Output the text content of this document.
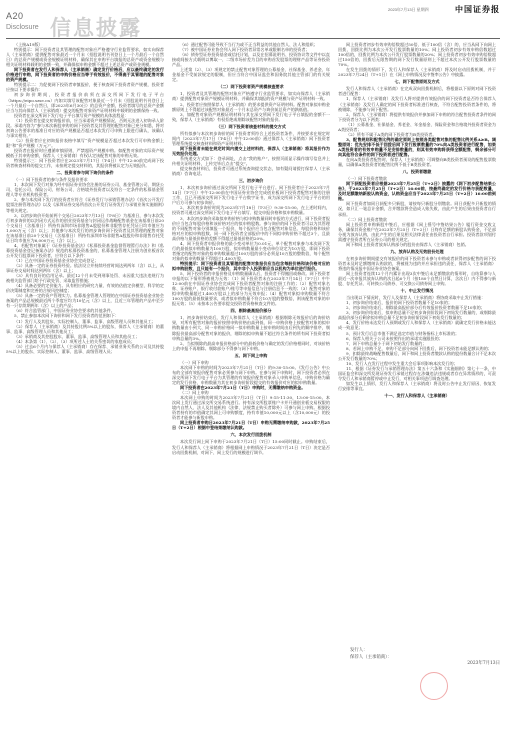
2023年7月13日 星期四	中国证券报
A20
Disclosure 信息披露

（上接A19版）

特别提示：网下投资者及其管理的配售对象应严格遵守行业监管要求，如实向保荐人（主承销商）提供配售对象最近一个月末（招股说明书刊登日上一个月最后一个自然日）的总资产规模或资金规模证明材料，确保其在申购平台填报的总资产或资金规模与相关证明材料载明的金额一致，并确保拟申购金额不超过上述总资产或资金规模。

网下投资者在发行人和保荐人（主承销商）确定发行价格后，应以最终确定的发行价格进行申购，网下投资者的申购价格应当等于有效报价，不得高于其管理的配售对象的资产规模。

特别提示二：为促使网下投资者审慎报价，便于核查网下投资者资产规模，投资者应按以下要求操作：

初步询价期间，投资者报价前须在深交所网下发行电子平台（https://eipo.szse.cn）内如实填写该配售对象最近一个月末（招股说明书刊登日上一个月最后一个自然日，即2023年6月30日）的总资产金额，投资者填写的总资产金额应当与其向保荐人（主承销商）提交的配售对象资产证明材料中载明的金额保持一致。

投资者在深交所网下发行电子平台填写资产规模的具体流程是：

（1）投资者在提交初询报价前，应当承诺资产规模情况，否则无法进入初询录入阶段。承诺内容为“参与本次新股申购的网下投资者及其管理的配售对象已充分知悉，将对初询公告要求的基准日对应的资产规模是否超过本次发行可申购上限进行确认，该确认与事实相符。”

（2）投资者应在初询报价表格中填写“资产规模是否超过本次发行可申购金额上限”和“资产规模（万元）”。

投资者在报价时应遵循审慎原则，严禁超资产规模申购。如配售对象的实际资产规模低于其申购金额，保荐人（主承销商）有权认定该配售对象的申购无效。

特别提示三：网下投资者应在2023年7月17日（T-4日）中午12:00前完成网下投资者核查材料的提交工作，未按规定提交材料的，其报价将被认定为无效报价。

二、投资者参与网下询价的条件

（一）网下投资者的参与条件及报价要求

1、本次网下发行对象为经中国证券业协会注册的证券公司、基金管理公司、期货公司、信托公司、保险公司、财务公司、合格境外投资者以及符合一定条件的私募基金管理人等专业机构投资者。

2、参与本次网下发行的投资者应符合《证券发行与承销管理办法》《首次公开发行股票注册管理办法》以及《深圳证券交易所首次公开发行证券发行与承销业务实施细则》等相关规定。

3、以初步询价开始前两个交易日2023年7月13日（T-8日）为基准日，参与本次发行初步询价的以封闭方式运作的创业投资基金与封闭运作战略配售基金在该基准日前20个交易日（含基准日）所持有深圳市场非限售A股股份和非限售存托凭证日均市值应为1,000万元（含）以上；其他参与本次发行的初步询价网下投资者及其管理的配售对象在该基准日前20个交易日（含基准日）所持有深圳市场非限售A股股份和非限售存托凭证日均市值应为6,000万元（含）以上。

4、若配售对象属于《证券投资基金法》《私募投资基金监督管理暂行办法》和《私募投资基金登记备案办法》规范的私募投资基金的，私募基金管理人注册为创业板首次公开发行股票网下投资者，应符合以下条件：

（1）已在中国证券投资基金业协会完成登记；

（2）具备一定的证券投资经验。依法设立并持续经营时间达到两年（含）以上，从事证券交易时间达到两年（含）以上；

（3）具有良好的信用记录。最近12个月未受到刑事处罚、未因重大违法违规行为被相关监管部门给予行政处罚、采取监管措施；

（4）具备必要的定价能力。具有相应的研究力量、有效的估值定价模型、科学的定价决策制度和完善的合规风控制度；

（5）具备一定的资产管理实力。私募基金管理人管理的在中国证券投资基金业协会备案的产品总规模最近两个季度应均为10亿元（含）以上，且近三年管理的产品中至少有一只存续期两年（含）以上的产品；

（6）符合监管部门、中国证券业协会要求的其他条件。

5、禁止参加本次网下询价和网下发行投资者的范围如下：

（1）发行人及其股东、实际控制人、董事、监事、高级管理人员和其他员工；

（2）保荐人（主承销商）及其持股比例5%以上的股东，保荐人（主承销商）的董事、监事、高级管理人员和其他员工；

（3）承销商及其控股股东、董事、监事、高级管理人员和其他员工；

（4）本条第（1）、（2）、（3）项所述人士的关系密切的家庭成员；

（5）过去6个月内与保荐人（主承销商）存在保荐、承销业务关系的公司及其持股5%以上的股东、实际控制人、董事、监事、高级管理人员；

（6）通过配售可能导致不当行为或不正当利益的其他自然人、法人和组织；

（7）被中国证券业协会列入网下投资者异常名单或限制名单的投资者；

（8）债券型证券投资基金或信托计划，以及在招募说明书、投资协议等文件中以直接或间接方式载明以博取一、二级市场价差为目的申购首发股票的理财产品等证券投资产品。

上述第（2）、（3）项规定的禁止配售对象管理的公募基金、社保基金、养老金、年金基金不受前款规定的限制，但应当符合中国证监会和国务院其他主管部门的有关规定。

（二）网下投资者资产规模核查要求

1、投资者及其管理的配售对象应严格遵守行业监管要求，如实向保荐人（主承销商）提供配售对象资产规模证明材料，并确保其填报的资产规模与资产证明材料一致。

2、投资者应按照保荐人（主承销商）的要求提供资产证明材料。配售对象拟申购金额原则上不得超过该配售对象最近一个月末总资产与询价前总资产的孰低值。

3、如配售对象资产规模证明材料与其在深交所网下发行电子平台填报的金额不一致，保荐人（主承销商）有权拒绝或剔除该配售对象的报价。

（三）网下投资者核查材料的提交方式

所有拟参与本次初步询价的网下投资者须符合上述投资者条件，并按要求在规定时间内（2023年7月17日（T-4日）中午12:00前）通过保荐人（主承销商）网下投资者管理系统提交核查材料和资产证明材料。

网下投资者未能在规定时间内提交上述材料的，保荐人（主承销商）将其报价作为无效报价处理。

系统递交方式如下：登录网址，点击“我的账户”，按照页面显示操作填写信息并上传相关证明材料，上传完毕后点击“提交”。

提交核查材料后，投资者可通过系统查询提交状态，如有疑问请拨打保荐人（主承销商）咨询电话。

三、初步询价

1、本次初步询价通过深交所网下发行电子平台进行。网下投资者应于2023年7月14日（T-7日）中午12:00前在中国证券业协会完成创业板网下投资者配售对象的注册工作，且已开通深交所网下发行电子平台数字证书，成为深交所网下发行电子平台的用户后方可参与初步询价。

2、本次初步询价时间为2023年7月18日（T-3日）9:30-15:00。在上述时间内，投资者可通过深交所网下发行电子平台填写、提交申报价格和拟申购数量。

3、本次初步询价采取拟申购价格与拟申购数量同时申报的方式进行，网下投资者报价应当包含每股价格和该价格对应的拟申购股数。参与询价的网下投资者可以为其管理的不同配售对象分别填报一个报价，每个报价应当包含配售对象信息、每股价格和该价格对应的拟申购股数。同一网下投资者全部报价中的不同拟申购价格不超过3个，且最高价格与最低价格的差额不得超过最低价格的20%。

4、网下投资者申报价格的最小变动单位为0.01元，单个配售对象参与本次网下发行的最低拟申购数量为100万股，拟申购数量最小变动单位设定为10万股，即网下投资者指定的配售对象的拟申购数量超过100万股的部分必须是10万股的整数倍，每个配售对象的拟申购数量不得超过1,400万股。

特别提示：网下投资者及其管理的配售对象报价应当包含每股价格和该价格对应的拟申购股数，且只能有一个报价，其中非个人投资者应当以机构为单位进行报价。

5、网下投资者的申报价格及申购数量确认后，投资者不得撤回或修改。网下投资者申报的以下情形将被视为无效：（1）网下投资者未在2023年7月14日（T-7日）中午12:00前在中国证券业协会完成网下投资者配售对象的注册工作的；（2）配售对象名称、证券账户、银行收付款账户/账号等申报信息与注册信息不一致的；（3）配售对象的拟申购数量超过1,400万股以上的部分为无效申报；（4）配售对象拟申购数量不符合100万股的最低数量要求，或者拟申购数量不符合10万股的整数倍，则该配售对象的申报无效；（5）未按本公告要求提交投资者资格核查文件的。

四、剔除最高报价部分

1、初步询价结束后，发行人和保荐人（主承销商）根据剔除无效报价后的询价结果，对所有配售对象的报价按照申购价格由高到低、同一申购价格上按配售对象的拟申购数量由小到大、同一申购价格同一拟申购数量上按申购时间由后到先的顺序排序，剔除报价最高部分配售对象的报价，剔除的拟申购量不超过符合条件的所有网下投资者拟申购总量的3%。

2、当拟剔除的最高申报价格部分中的最低价格与确定的发行价格相同时，对该价格上的申报不再剔除。剔除部分不得参与网下申购。

五、网下网上申购

（一）网下申购

本次网下申购的时间为2023年7月21日（T日）的9:30-15:00。《发行公告》中公布的全部有效报价配售对象必须参与网下申购。在参与网下申购时，网下投资者必须在深交所网下发行电子平台为其管理的有效报价配售对象录入申购单信息，申购价格为确定的发行价格，申购数量为其在初步询价阶段提交的有效报价对应的拟申购数量。

网下投资者在2023年7月21日（T日）申购时，无需缴纳申购资金。

（二）网上申购

本次网上申购的时间为2023年7月21日（T日）9:15-11:30，13:00-15:00。本次网上发行通过深交所交易系统进行。持有深交所股票账户卡并开通创业板交易权限的境内自然人、法人及其他机构（法律、法规禁止购买者除外）可参与网上申购。根据投资者持有的市值确定其网上可申购额度，持有市值10,000元以上（含10,000元）的投资者才能参与新股申购。

网上投资者申购日2023年7月21日（T日）申购无需缴纳申购款，2023年7月25日（T+2日）根据中签结果缴纳认购款。

六、本次发行回拨机制

本次发行网上网下申购于2023年7月21日（T日）15:00同时截止。申购结束后，发行人和保荐人（主承销商）将根据网上申购情况于2023年7月21日（T日）决定是否启动回拨机制，对网下、网上发行的规模进行调节。

网上投资者初步有效申购倍数超过50倍、低于100倍（含）的，应当从网下向网上回拨，回拨比例为本次公开发行股票数量的10%；网上投资者初步有效申购倍数超过100倍的，回拨比例为本次公开发行股票数量的20%；网上投资者初步有效申购倍数超过150倍的，回拨后无限售期的网下发行数量原则上不超过本次公开发行股票数量的70%。

在发生回拨的情形下，发行人和保荐人（主承销商）将及时启动回拨机制，并于2023年7月24日（T+1日）在《网上申购情况及中签率公告》中披露。

七、网下配售原则及方式

发行人和保荐人（主承销商）在完成双向回拨机制后，将根据以下原则对网下投资者进行配售：

1、保荐人（主承销商）及发行人将对提供有效报价的网下投资者是否符合保荐人（主承销商）及发行人确定的网下投资者标准进行核查，不符合配售投资者条件的，将被剔除，不能参与网下配售。

2、保荐人（主承销商）将提供有效报价并参加网下申购的符合配售投资者条件的网下投资者分为以下两类：

（1）公募基金、社保基金、养老金、年金基金、保险资金和合格境外投资者资金为A类投资者；

（2）所有不属于A类的网下投资者为B类投资者。

3、配售规则和配售比例的确定原则上按照各类配售对象的配售比例关系A≥B。调整原则：优先安排不低于回拨后网下发行股票数量的70%向A类投资者进行配售，如果A类投资者的有效申购量不足安排数量的，则其有效申购将获得全额配售，剩余部分可向其他符合条件的网下投资者进行配售。

在向A类投资者配售时，保荐人（主承销商）可调整向B类投资者预设的配售股票数量，以确保A类投资者的配售比例不低于B类投资者。

八、投资者缴款

（一）网下投资者缴款

网下获配投资者应根据2023年7月25日（T+2日）披露的《网下初步配售结果公告》，于2023年7月25日（T+2日）16:00前，按最终确定的发行价格与获配数量，及时足额缴纳新股认购资金，认购资金应当于2023年7月25日（T+2日）16:00前到账。

网下投资者如同日获配多只新股，请按每只新股分别缴款。同日获配多只新股的情况，如只汇一笔总计金额，合并缴款将会造成入账失败，由此产生的后果由投资者自行承担。

（二）网上投资者缴款

网上投资者申购新股中签后，应根据《网上摇号中签结果公告》履行资金交收义务，确保其资金账户在2023年7月25日（T+2日）日终有足额的新股认购资金，不足部分视为放弃认购，由此产生的后果及相关法律责任由投资者自行承担。投资者款项划付需遵守投资者所在证券公司的相关规定。

网下和网上投资者放弃认购部分的股份由保荐人（主承销商）包销。

九、放弃认购及无效股份处理

在初步询价期间提交有效报价的网下投资者未参与申购或者获得初步配售的网下投资者未及时足额缴纳认购款的，将被视为违约并应承担违约责任，保荐人（主承销商）将违约情况报中国证券业协会备案。

网上投资者连续12个月内累计出现3次中签后未足额缴款的情形时，自结算参与人最近一次申报其放弃认购的次日起6个月（按180个自然日计算，含次日）内不得参与新股、存托凭证、可转换公司债券、可交换公司债券网上申购。

十、中止发行情况

当出现以下情况时，发行人及保荐人（主承销商）将协商采取中止发行措施：

1、初步询价结束后，报价的网下投资者数量不足10家的；

2、初步询价结束后，剔除最高报价部分后有效报价投资者数量不足10家的；

3、初步询价结束后，拟申购总量不足初步询价阶段网下初始发行数量的，或剔除最高报价部分后剩余拟申购总量不足初步询价阶段网下初始发行数量的；

4、发行价格未达发行人预期或发行人和保荐人（主承销商）就确定发行价格未能达成一致意见；

5、预计发行后总市值不满足选定市值与财务指标上市标准的；

6、保荐人相关子公司未按照作出的承诺实施跟投的；

7、网下申购总量小于网下初始发行数量的；

8、若网上申购不足，申购不足部分向网下回拨后，网下投资者未能足额认购的；

9、扣除最终战略配售数量后，网下和网上投资者缴款认购的股份数量合计不足本次公开发行数量的70%；

10、发行人在发行过程中发生重大会后事项影响本次发行的；

11、根据《证券发行与承销管理办法》第五十六条和《实施细则》第七十一条，中国证监会和深交所发现证券发行承销过程存在涉嫌违法违规或者存在异常情形的，可责令发行人和承销商暂停或中止发行，对相关事项进行调查处理。

如发生以上情形，发行人和保荐人（主承销商）将及时公告中止发行原因、恢复发行安排等事宜。

十一、发行人和保荐人（主承销商）

发行人：
保荐人（主承销商）：
2023年7月13日
